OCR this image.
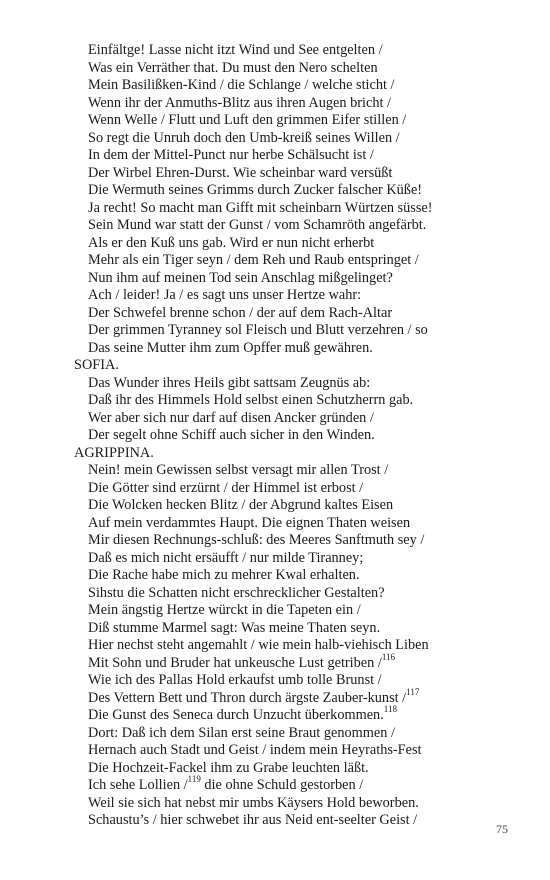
Einfältge! Lasse nicht itzt Wind und See entgelten /
Was ein Verräther that. Du must den Nero schelten
Mein Basilißken-Kind / die Schlange / welche sticht /
Wenn ihr der Anmuths-Blitz aus ihren Augen bricht /
Wenn Welle / Flutt und Luft den grimmen Eifer stillen /
So regt die Unruh doch den Umb-kreiß seines Willen /
In dem der Mittel-Punct nur herbe Schälsucht ist /
Der Wirbel Ehren-Durst. Wie scheinbar ward versüßt
Die Wermuth seines Grimms durch Zucker falscher Küße!
Ja recht! So macht man Gifft mit scheinbarn Würtzen süsse!
Sein Mund war statt der Gunst / vom Schamröth angefärbt.
Als er den Kuß uns gab. Wird er nun nicht erherbt
Mehr als ein Tiger seyn / dem Reh und Raub entspringet /
Nun ihm auf meinen Tod sein Anschlag mißgelinget?
Ach / leider! Ja / es sagt uns unser Hertze wahr:
Der Schwefel brenne schon / der auf dem Rach-Altar
Der grimmen Tyranney sol Fleisch und Blutt verzehren / so
Das seine Mutter ihm zum Opffer muß gewähren.
SOFIA.
Das Wunder ihres Heils gibt sattsam Zeugnüs ab:
Daß ihr des Himmels Hold selbst einen Schutzherrn gab.
Wer aber sich nur darf auf disen Ancker gründen /
Der segelt ohne Schiff auch sicher in den Winden.
AGRIPPINA.
Nein! mein Gewissen selbst versagt mir allen Trost /
Die Götter sind erzürnt / der Himmel ist erbost /
Die Wolcken hecken Blitz / der Abgrund kaltes Eisen
Auf mein verdammtes Haupt. Die eignen Thaten weisen
Mir diesen Rechnungs-schluß: des Meeres Sanftmuth sey /
Daß es mich nicht ersäufft / nur milde Tiranney;
Die Rache habe mich zu mehrer Kwal erhalten.
Sihstu die Schatten nicht erschrecklicher Gestalten?
Mein ängstig Hertze würckt in die Tapeten ein /
Diß stumme Marmel sagt: Was meine Thaten seyn.
Hier nechst steht angemahlt / wie mein halb-viehisch Liben
Mit Sohn und Bruder hat unkeusche Lust getriben /$^{116}$
Wie ich des Pallas Hold erkaufst umb tolle Brunst /
Des Vettern Bett und Thron durch ärgste Zauber-kunst /$^{117}$
Die Gunst des Seneca durch Unzucht überkommen.$^{118}$
Dort: Daß ich dem Silan erst seine Braut genommen /
Hernach auch Stadt und Geist / indem mein Heyraths-Fest
Die Hochzeit-Fackel ihm zu Grabe leuchten läßt.
Ich sehe Lollien /$^{119}$ die ohne Schuld gestorben /
Weil sie sich hat nebst mir umbs Käysers Hold beworben.
Schaustu’s / hier schwebet ihr aus Neid ent-seelter Geist /
75
